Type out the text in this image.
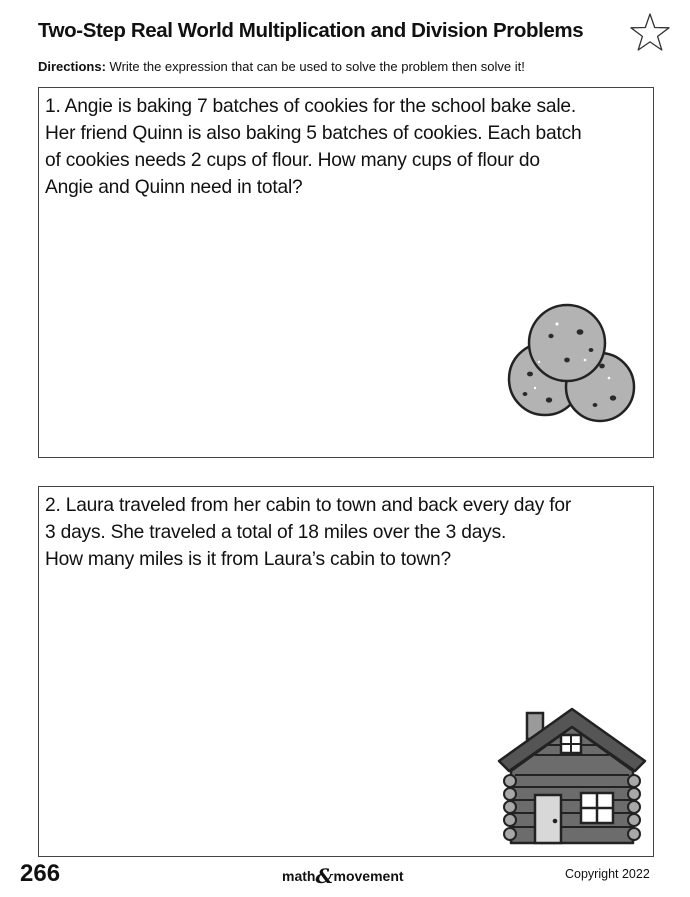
Two-Step Real World Multiplication and Division Problems
Directions: Write the expression that can be used to solve the problem then solve it!
1. Angie is baking 7 batches of cookies for the school bake sale.
Her friend Quinn is also baking 5 batches of cookies. Each batch
of cookies needs 2 cups of flour. How many cups of flour do
Angie and Quinn need in total?
2. Laura traveled from her cabin to town and back every day for
3 days. She traveled a total of 18 miles over the 3 days.
How many miles is it from Laura’s cabin to town?
266	math&movement	Copyright 2022
